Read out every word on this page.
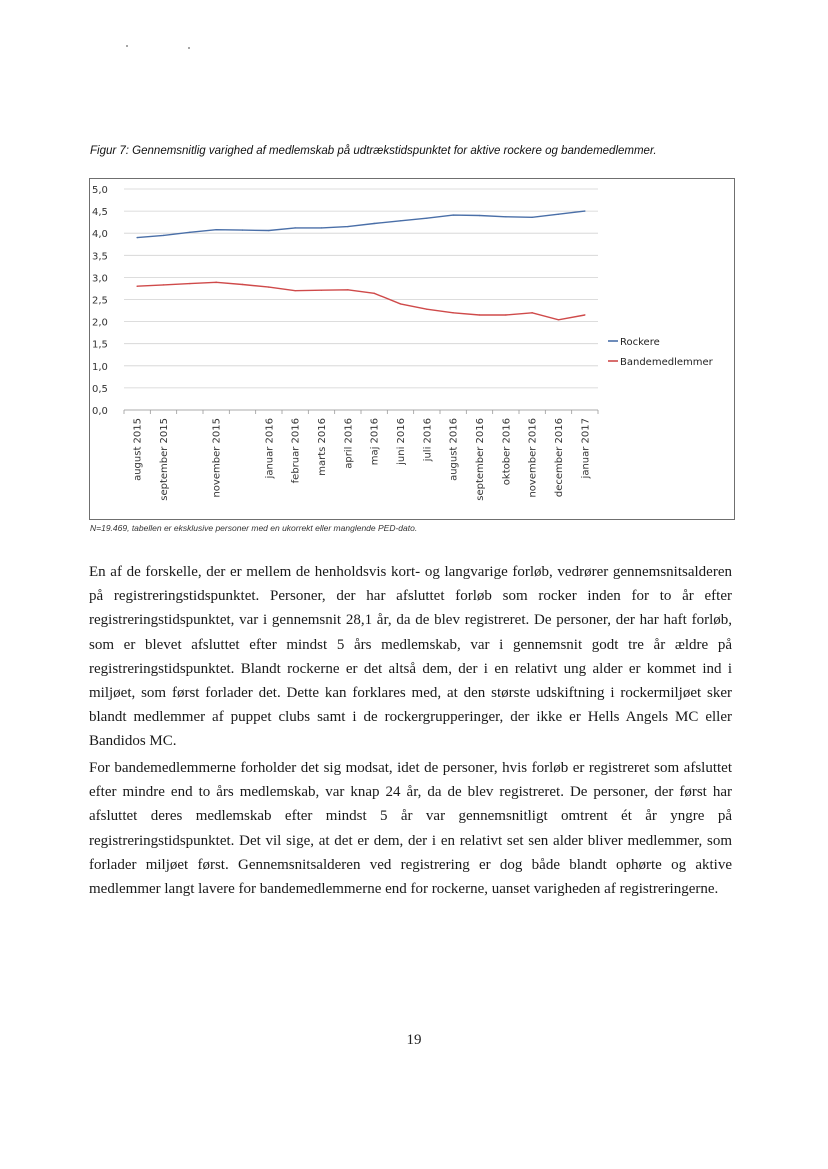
Figur 7: Gennemsnitlig varighed af medlemskab på udtrækstidspunktet for aktive rockere og bandemedlemmer.
0,0
0,5
1,0
1,5
2,0
2,5
3,0
3,5
4,0
4,5
5,0
august 2015 september 2015	november 2015	januar 2016 februar 2016 marts 2016 april 2016 maj 2016 juni 2016 juli 2016 august 2016 september 2016 oktober 2016 november 2016 december 2016 januar 2017
Rockere
Bandemedlemmer
N=19.469, tabellen er eksklusive personer med en ukorrekt eller manglende PED-dato.

En af de forskelle, der er mellem de henholdsvis kort- og langvarige forløb, vedrører gennemsnitsalderen på registreringstidspunktet. Personer, der har afsluttet forløb som rocker inden for to år efter registreringstidspunktet, var i gennemsnit 28,1 år, da de blev registreret. De personer, der har haft forløb, som er blevet afsluttet efter mindst 5 års medlemskab, var i gennemsnit godt tre år ældre på registreringstidspunktet. Blandt rockerne er det altså dem, der i en relativt ung alder er kommet ind i miljøet, som først forlader det. Dette kan forklares med, at den største udskiftning i rockermiljøet sker blandt medlemmer af puppet clubs samt i de rockergrupperinger, der ikke er Hells Angels MC eller Bandidos MC.

For bandemedlemmerne forholder det sig modsat, idet de personer, hvis forløb er registreret som afsluttet efter mindre end to års medlemskab, var knap 24 år, da de blev registreret. De personer, der først har afsluttet deres medlemskab efter mindst 5 år var gennemsnitligt omtrent ét år yngre på registreringstidspunktet. Det vil sige, at det er dem, der i en relativt set sen alder bliver medlemmer, som forlader miljøet først. Gennemsnitsalderen ved registrering er dog både blandt ophørte og aktive medlemmer langt lavere for bandemedlemmerne end for rockerne, uanset varigheden af registreringerne.

19
